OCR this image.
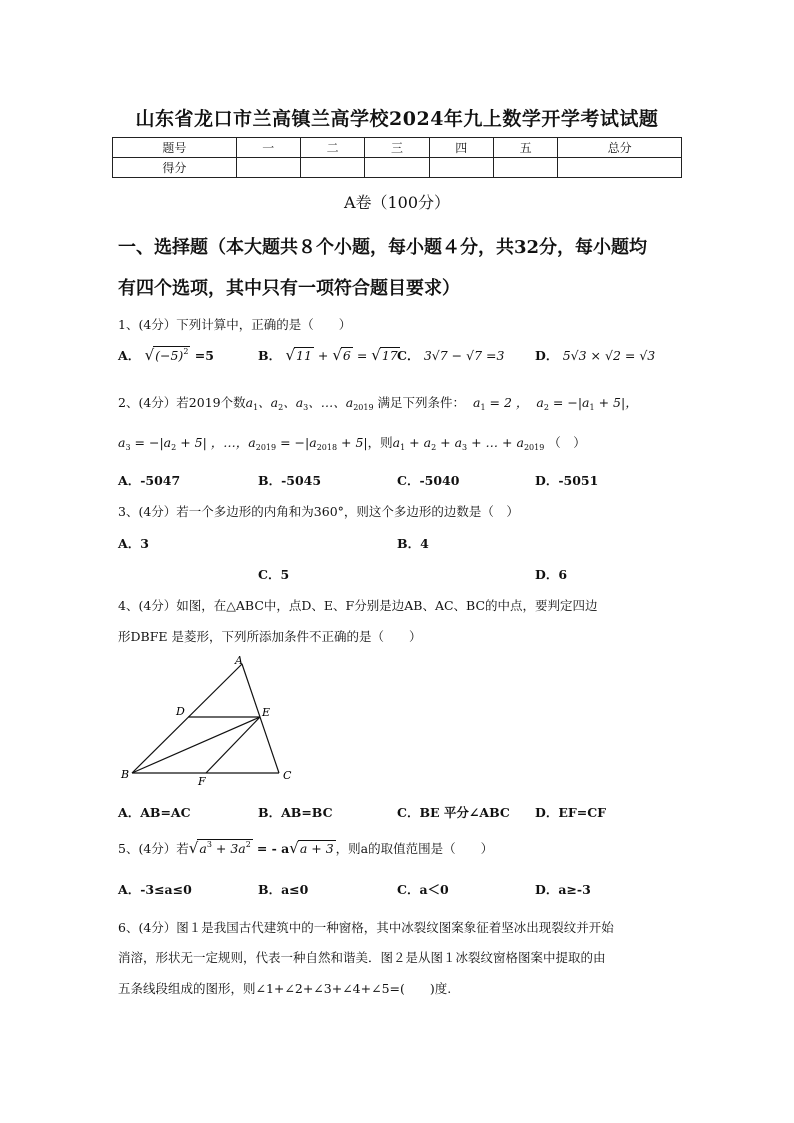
山东省龙口市兰高镇兰高学校2024年九上数学开学考试试题
题号	一	二	三	四	五	总分
得分						
A卷（100分）
一、选择题（本大题共８个小题，每小题４分，共32分，每小题均
有四个选项，其中只有一项符合题目要求）
1、(4分）下列计算中，正确的是（　　）
A． $√(-5)^2 =5$	B． √11 + √6 = √17 C． 3√7 − √7 =3 D． 5√3 × √2 = √3
2、(4分）若2019个数$a_1$、$a_2$、$a_3$、…、$a_{2019}$ 满足下列条件：  $a_1 = 2$ ，  $a_2 = -|a_1 + 5|$，
$a_3 = -|a_2 + 5|$ ，…，$a_{2019} = -|a_{2018} + 5|$，则$a_1 + a_2 + a_3$ + … + $a_{2019}$ （　）
A．-5047	B．-5045	C．-5040	D．-5051
3、(4分）若一个多边形的内角和为360°，则这个多边形的边数是（　）
A．3	B．4
C．5	D．6
4、(4分）如图，在△ABC中，点D、E、F分别是边AB、AC、BC的中点，要判定四边
形DBFE 是菱形，下列所添加条件不正确的是（　　）
A
B	C
D	E
F
A．AB=AC	B．AB=BC	C．BE 平分∠ABC D．EF=CF
5、(4分）若$√a^3 + 3a^2$ = - a√a + 3 ，则a的取值范围是（　　）
A．-3≤a≤0	B．a≤0	C．a＜0	D．a≥-3
6、(4分）图１是我国古代建筑中的一种窗格，其中冰裂纹图案象征着坚冰出现裂纹并开始
消溶，形状无一定规则，代表一种自然和谐美．图２是从图１冰裂纹窗格图案中提取的由
五条线段组成的图形，则∠1+∠2+∠3+∠4+∠5=(　　)度.
